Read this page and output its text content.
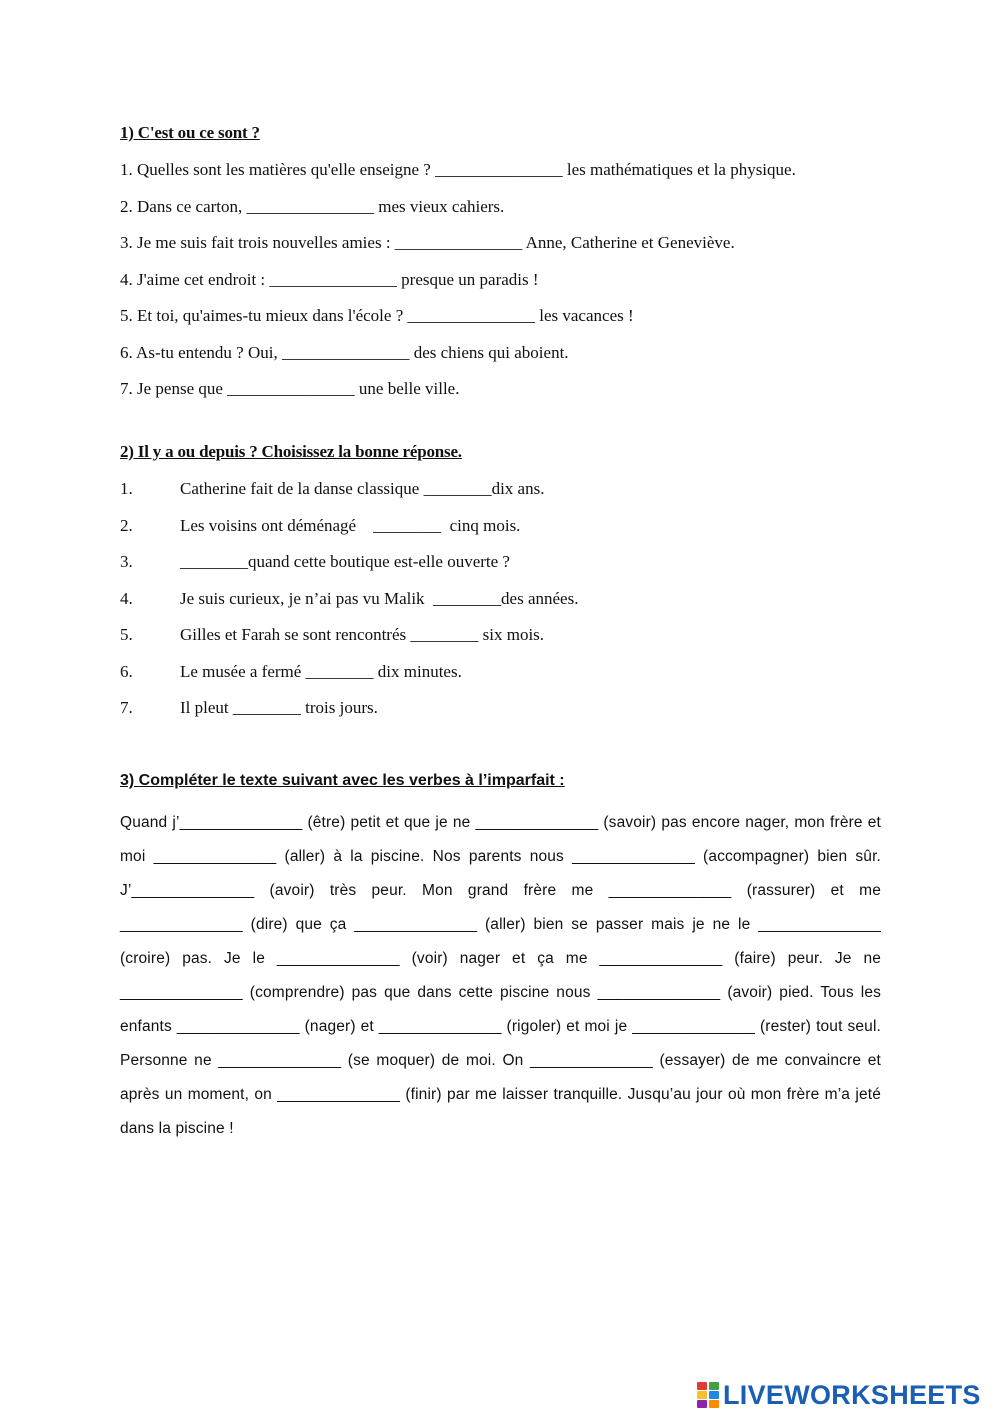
1) C'est ou ce sont ?
1. Quelles sont les matières qu'elle enseigne ? _______________ les mathématiques et la physique.
2. Dans ce carton, _______________ mes vieux cahiers.
3. Je me suis fait trois nouvelles amies : _______________ Anne, Catherine et Geneviève.
4. J'aime cet endroit : _______________ presque un paradis !
5. Et toi, qu'aimes-tu mieux dans l'école ? _______________ les vacances !
6. As-tu entendu ? Oui, _______________ des chiens qui aboient.
7. Je pense que _______________ une belle ville.
2) Il y a ou depuis ? Choisissez la bonne réponse.
1.	Catherine fait de la danse classique ________dix ans.
2.	Les voisins ont déménagé    ________  cinq mois.
3.	________quand cette boutique est-elle ouverte ?
4.	Je suis curieux, je n’ai pas vu Malik  ________des années.
5.	Gilles et Farah se sont rencontrés ________ six mois.
6.	Le musée a fermé ________ dix minutes.
7.	Il pleut ________ trois jours.
3) Compléter le texte suivant avec les verbes à l’imparfait :

Quand j’______________ (être) petit et que je ne ______________ (savoir) pas encore nager, mon frère et moi ______________ (aller) à la piscine. Nos parents nous ______________ (accompagner) bien sûr. J’______________ (avoir) très peur. Mon grand frère me ______________ (rassurer) et me ______________ (dire) que ça ______________ (aller) bien se passer mais je ne le ______________ (croire) pas. Je le ______________ (voir) nager et ça me ______________ (faire) peur. Je ne ______________ (comprendre) pas que dans cette piscine nous ______________ (avoir) pied. Tous les enfants ______________ (nager) et ______________ (rigoler) et moi je ______________ (rester) tout seul. Personne ne ______________ (se moquer) de moi. On ______________ (essayer) de me convaincre et après un moment, on ______________ (finir) par me laisser tranquille. Jusqu’au jour où mon frère m’a jeté dans la piscine !

LIVEWORKSHEETS
